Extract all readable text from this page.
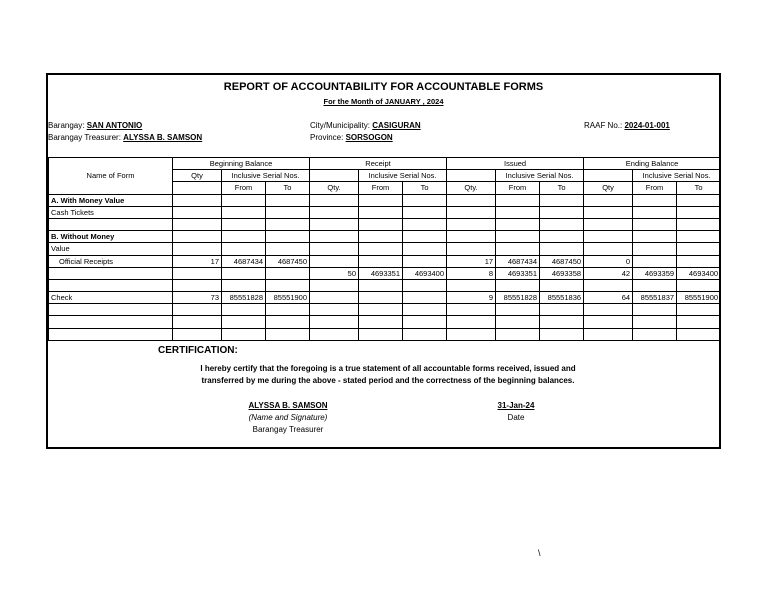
REPORT OF ACCOUNTABILITY FOR ACCOUNTABLE FORMS
For the Month of JANUARY , 2024
Barangay: SAN ANTONIO
Barangay Treasurer: ALYSSA B. SAMSON
City/Municipality: CASIGURAN
Province: SORSOGON
RAAF No.: 2024-01-001
Name of Form	Beginning Balance			Receipt			Issued			Ending Balance		
	Qty	Inclusive Serial Nos.			Inclusive Serial Nos.			Inclusive Serial Nos.			Inclusive Serial Nos.	
		From	To	Qty.	From	To	Qty.	From	To	Qty	From	To
A. With Money Value												
Cash Tickets												

B. Without Money												
Value												
Official Receipts	17	4687434	4687450				17	4687434	4687450	0		
				50	4693351	4693400	8	4693351	4693358	42	4693359	4693400

Check	73	85551828	85551900				9	85551828	85551836	64	85551837	85551900

CERTIFICATION:
I hereby certify that the foregoing is a true statement of all accountable forms received, issued and
transferred by me during the above - stated period and the correctness of the beginning balances.
ALYSSA B. SAMSON
(Name and Signature)
Barangay Treasurer
31-Jan-24
Date
\
